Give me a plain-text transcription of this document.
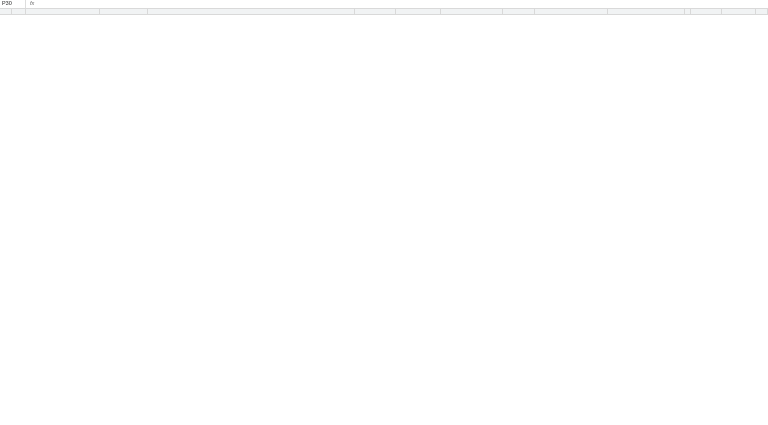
P30	fx
